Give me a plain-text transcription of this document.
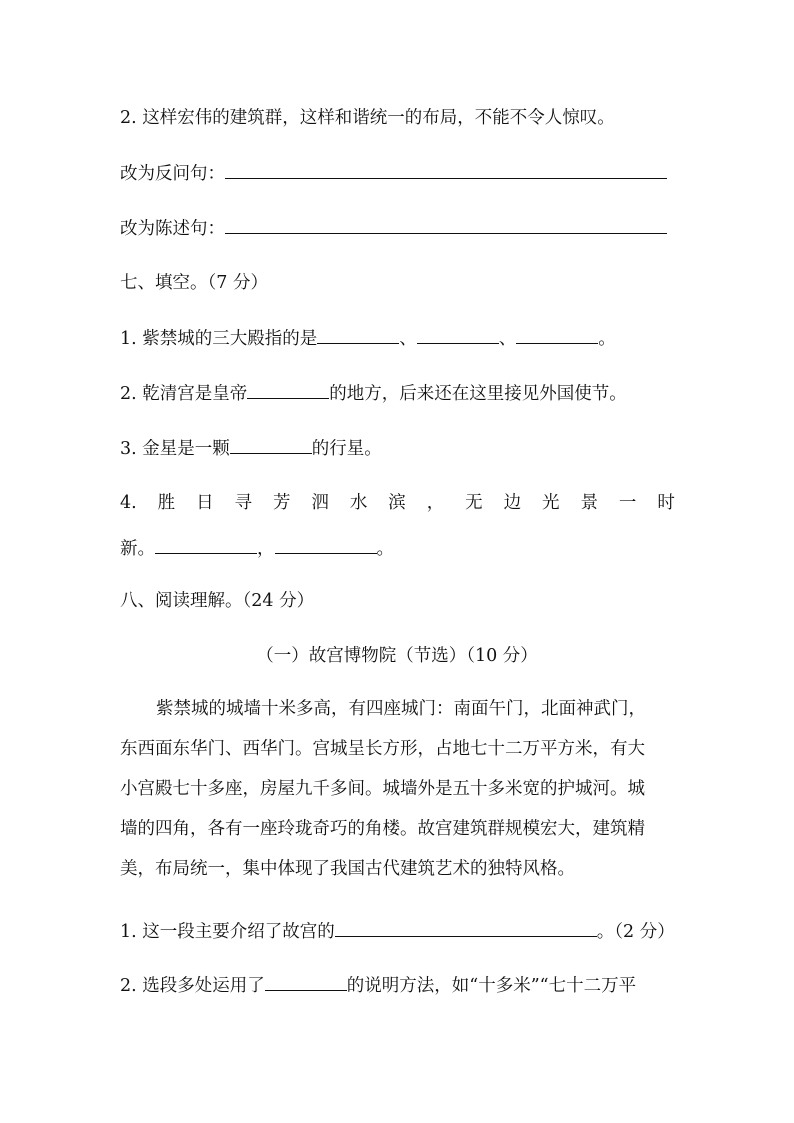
2. 这样宏伟的建筑群，这样和谐统一的布局，不能不令人惊叹。
改为反问句：
改为陈述句：
七、填空。（7 分）
1. 紫禁城的三大殿指的是	、	、	。
2. 乾清宫是皇帝	的地方，后来还在这里接见外国使节。
3. 金星是一颗	的行星。
4. 胜 日 寻 芳 泗 水 滨 ， 无 边 光 景 一 时
新。	，	。
八、阅读理解。（24 分）
（一）故宫博物院（节选）（10 分）
紫禁城的城墙十米多高，有四座城门：南面午门，北面神武门，
东西面东华门、西华门。宫城呈长方形，占地七十二万平方米，有大
小宫殿七十多座，房屋九千多间。城墙外是五十多米宽的护城河。城
墙的四角，各有一座玲珑奇巧的角楼。故宫建筑群规模宏大，建筑精
美，布局统一，集中体现了我国古代建筑艺术的独特风格。
1. 这一段主要介绍了故宫的	。（2 分）
2. 选段多处运用了	的说明方法，如“十多米”“七十二万平
